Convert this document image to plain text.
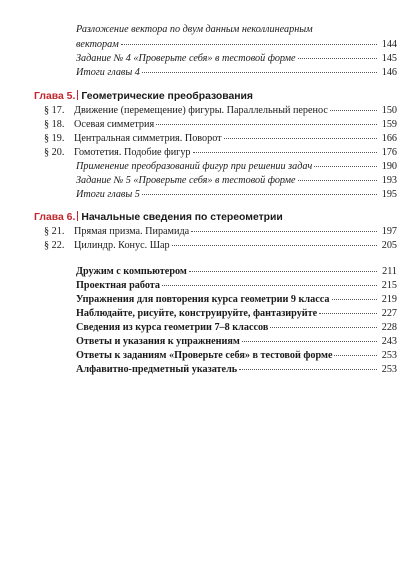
Разложение вектора по двум данным неколлинеарным
векторам	144
Задание № 4 «Проверьте себя» в тестовой форме	145
Итоги главы 4	146
Глава 5. Геометрические преобразования
§ 17. Движение (перемещение) фигуры. Параллельный перенос	150
§ 18. Осевая симметрия	159
§ 19. Центральная симметрия. Поворот	166
§ 20. Гомотетия. Подобие фигур	176
Применение преобразований фигур при решении задач	190
Задание № 5 «Проверьте себя» в тестовой форме	193
Итоги главы 5	195
Глава 6. Начальные сведения по стереометрии
§ 21. Прямая призма. Пирамида	197
§ 22. Цилиндр. Конус. Шар	205
Дружим с компьютером	211
Проектная работа	215
Упражнения для повторения курса геометрии 9 класса	219
Наблюдайте, рисуйте, конструируйте, фантазируйте	227
Сведения из курса геометрии 7–8 классов	228
Ответы и указания к упражнениям	243
Ответы к заданиям «Проверьте себя» в тестовой форме	253
Алфавитно-предметный указатель	253
